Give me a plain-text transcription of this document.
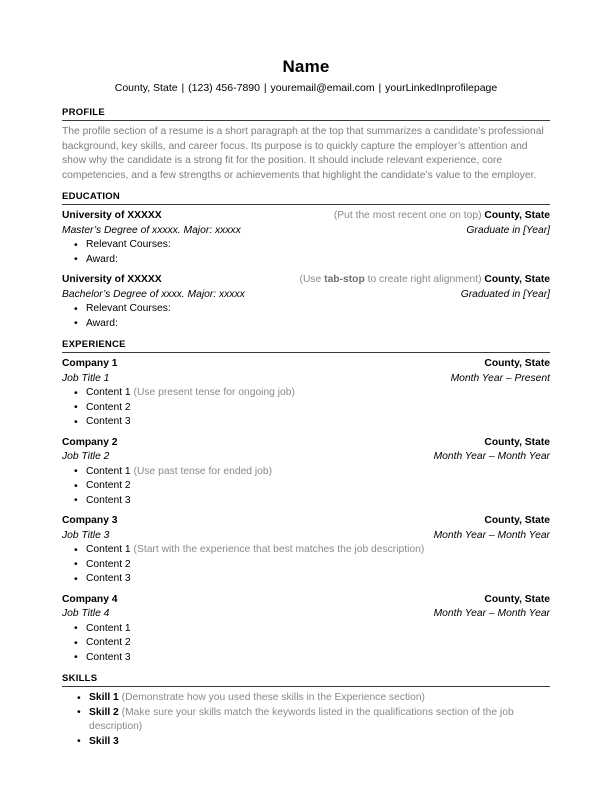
Name
County, State | (123) 456-7890 | youremail@email.com | yourLinkedInprofilepage
PROFILE

The profile section of a resume is a short paragraph at the top that summarizes a candidate’s professional background, key skills, and career focus. Its purpose is to quickly capture the employer’s attention and show why the candidate is a strong fit for the position. It should include relevant experience, core competencies, and a few strengths or achievements that highlight the candidate’s value to the employer.

EDUCATION
University of XXXXX	(Put the most recent one on top) County, State
Master’s Degree of xxxxx. Major: xxxxx	Graduate in [Year]
• Relevant Courses:
• Award:
University of XXXXX	(Use tab-stop to create right alignment) County, State
Bachelor’s Degree of xxxx. Major: xxxxx	Graduated in [Year]
• Relevant Courses:
• Award:
EXPERIENCE
Company 1	County, State
Job Title 1	Month Year – Present
• Content 1 (Use present tense for ongoing job)
• Content 2
• Content 3
Company 2	County, State
Job Title 2	Month Year – Month Year
• Content 1 (Use past tense for ended job)
• Content 2
• Content 3
Company 3	County, State
Job Title 3	Month Year – Month Year
• Content 1 (Start with the experience that best matches the job description)
• Content 2
• Content 3
Company 4	County, State
Job Title 4	Month Year – Month Year
• Content 1
• Content 2
• Content 3
SKILLS
• Skill 1 (Demonstrate how you used these skills in the Experience section)
• Skill 2 (Make sure your skills match the keywords listed in the qualifications section of the job description)
• Skill 3
